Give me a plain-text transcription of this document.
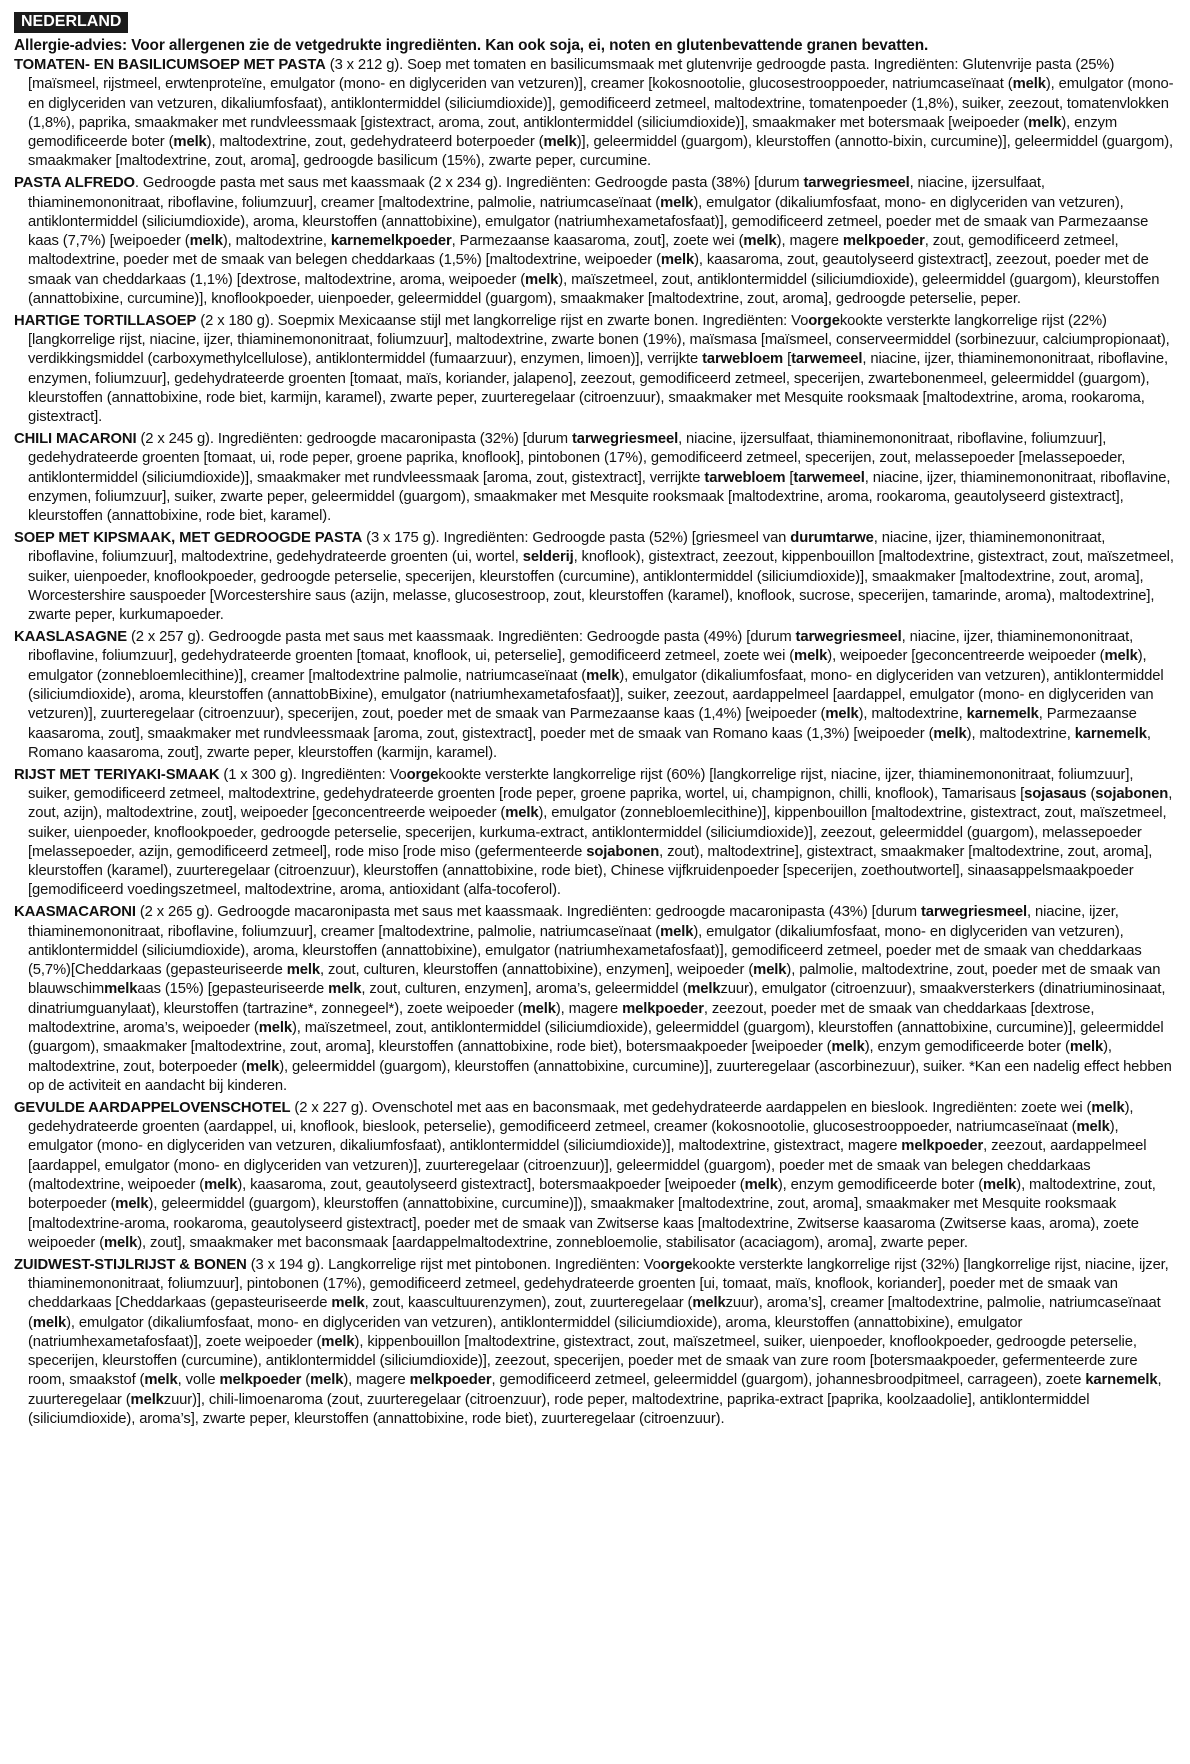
NEDERLAND
Allergie-advies: Voor allergenen zie de vetgedrukte ingrediënten. Kan ook soja, ei, noten en glutenbevattende granen bevatten.

TOMATEN- EN BASILICUMSOEP MET PASTA (3 x 212 g). Soep met tomaten en basilicumsmaak met glutenvrije gedroogde pasta. Ingrediënten: Glutenvrije pasta (25%) [maïsmeel, rijstmeel, erwtenproteïne, emulgator (mono- en diglyceriden van vetzuren)], creamer [kokosnootolie, glucosestrooppoeder, natriumcaseïnaat (melk), emulgator (mono- en diglyceriden van vetzuren, dikaliumfosfaat), antiklontermiddel (siliciumdioxide)], gemodificeerd zetmeel, maltodextrine, tomatenpoeder (1,8%), suiker, zeezout, tomatenvlokken (1,8%), paprika, smaakmaker met rundvleessmaak [gistextract, aroma, zout, antiklontermiddel (siliciumdioxide)], smaakmaker met botersmaak [weipoeder (melk), enzym gemodificeerde boter (melk), maltodextrine, zout, gedehydrateerd boterpoeder (melk)], geleermiddel (guargom), kleurstoffen (annotto-bixin, curcumine)], geleermiddel (guargom), smaakmaker [maltodextrine, zout, aroma], gedroogde basilicum (15%), zwarte peper, curcumine.

PASTA ALFREDO. Gedroogde pasta met saus met kaassmaak (2 x 234 g). Ingrediënten: Gedroogde pasta (38%) [durum tarwegriesmeel, niacine, ijzersulfaat, thiaminemononitraat, riboflavine, foliumzuur], creamer [maltodextrine, palmolie, natriumcaseïnaat (melk), emulgator (dikaliumfosfaat, mono- en diglyceriden van vetzuren), antiklontermiddel (siliciumdioxide), aroma, kleurstoffen (annattobixine), emulgator (natriumhexametafosfaat)], gemodificeerd zetmeel, poeder met de smaak van Parmezaanse kaas (7,7%) [weipoeder (melk), maltodextrine, karnemelkpoeder, Parmezaanse kaasaroma, zout], zoete wei (melk), magere melkpoeder, zout, gemodificeerd zetmeel, maltodextrine, poeder met de smaak van belegen cheddarkaas (1,5%) [maltodextrine, weipoeder (melk), kaasaroma, zout, geautolyseerd gistextract], zeezout, poeder met de smaak van cheddarkaas (1,1%) [dextrose, maltodextrine, aroma, weipoeder (melk), maïszetmeel, zout, antiklontermiddel (siliciumdioxide), geleermiddel (guargom), kleurstoffen (annattobixine, curcumine)], knoflookpoeder, uienpoeder, geleermiddel (guargom), smaakmaker [maltodextrine, zout, aroma], gedroogde peterselie, peper.

HARTIGE TORTILLASOEP (2 x 180 g). Soepmix Mexicaanse stijl met langkorrelige rijst en zwarte bonen. Ingrediënten: Voorgekookte versterkte langkorrelige rijst (22%) [langkorrelige rijst, niacine, ijzer, thiaminemononitraat, foliumzuur], maltodextrine, zwarte bonen (19%), maïsmasa [maïsmeel, conserveermiddel (sorbinezuur, calciumpropionaat), verdikkingsmiddel (carboxymethylcellulose), antiklontermiddel (fumaarzuur), enzymen, limoen)], verrijkte tarwebloem [tarwemeel, niacine, ijzer, thiaminemononitraat, riboflavine, enzymen, foliumzuur], gedehydrateerde groenten [tomaat, maïs, koriander, jalapeno], zeezout, gemodificeerd zetmeel, specerijen, zwartebonenmeel, geleermiddel (guargom), kleurstoffen (annattobixine, rode biet, karmijn, karamel), zwarte peper, zuurteregelaar (citroenzuur), smaakmaker met Mesquite rooksmaak [maltodextrine, aroma, rookaroma, gistextract].

CHILI MACARONI (2 x 245 g). Ingrediënten: gedroogde macaronipasta (32%) [durum tarwegriesmeel, niacine, ijzersulfaat, thiaminemononitraat, riboflavine, foliumzuur], gedehydrateerde groenten [tomaat, ui, rode peper, groene paprika, knoflook], pintobonen (17%), gemodificeerd zetmeel, specerijen, zout, melassepoeder [melassepoeder, antiklontermiddel (siliciumdioxide)], smaakmaker met rundvleessmaak [aroma, zout, gistextract], verrijkte tarwebloem [tarwemeel, niacine, ijzer, thiaminemononitraat, riboflavine, enzymen, foliumzuur], suiker, zwarte peper, geleermiddel (guargom), smaakmaker met Mesquite rooksmaak [maltodextrine, aroma, rookaroma, geautolyseerd gistextract], kleurstoffen (annattobixine, rode biet, karamel).

SOEP MET KIPSMAAK, MET GEDROOGDE PASTA (3 x 175 g). Ingrediënten: Gedroogde pasta (52%) [griesmeel van durumtarwe, niacine, ijzer, thiaminemononitraat, riboflavine, foliumzuur], maltodextrine, gedehydrateerde groenten (ui, wortel, selderij, knoflook), gistextract, zeezout, kippenbouillon [maltodextrine, gistextract, zout, maïszetmeel, suiker, uienpoeder, knoflookpoeder, gedroogde peterselie, specerijen, kleurstoffen (curcumine), antiklontermiddel (siliciumdioxide)], smaakmaker [maltodextrine, zout, aroma], Worcestershire sauspoeder [Worcestershire saus (azijn, melasse, glucosestroop, zout, kleurstoffen (karamel), knoflook, sucrose, specerijen, tamarinde, aroma), maltodextrine], zwarte peper, kurkumapoeder.

KAASLASAGNE (2 x 257 g). Gedroogde pasta met saus met kaassmaak. Ingrediënten: Gedroogde pasta (49%) [durum tarwegriesmeel, niacine, ijzer, thiaminemononitraat, riboflavine, foliumzuur], gedehydrateerde groenten [tomaat, knoflook, ui, peterselie], gemodificeerd zetmeel, zoete wei (melk), weipoeder [geconcentreerde weipoeder (melk), emulgator (zonnebloemlecithine)], creamer [maltodextrine palmolie, natriumcaseïnaat (melk), emulgator (dikaliumfosfaat, mono- en diglyceriden van vetzuren), antiklontermiddel (siliciumdioxide), aroma, kleurstoffen (annattobBixine), emulgator (natriumhexametafosfaat)], suiker, zeezout, aardappelmeel [aardappel, emulgator (mono- en diglyceriden van vetzuren)], zuurteregelaar (citroenzuur), specerijen, zout, poeder met de smaak van Parmezaanse kaas (1,4%) [weipoeder (melk), maltodextrine, karnemelk, Parmezaanse kaasaroma, zout], smaakmaker met rundvleessmaak [aroma, zout, gistextract], poeder met de smaak van Romano kaas (1,3%) [weipoeder (melk), maltodextrine, karnemelk, Romano kaasaroma, zout], zwarte peper, kleurstoffen (karmijn, karamel).

RIJST MET TERIYAKI-SMAAK (1 x 300 g). Ingrediënten: Voorgekookte versterkte langkorrelige rijst (60%) [langkorrelige rijst, niacine, ijzer, thiaminemononitraat, foliumzuur], suiker, gemodificeerd zetmeel, maltodextrine, gedehydrateerde groenten [rode peper, groene paprika, wortel, ui, champignon, chilli, knoflook), Tamarisaus [sojasaus (sojabonen, zout, azijn), maltodextrine, zout], weipoeder [geconcentreerde weipoeder (melk), emulgator (zonnebloemlecithine)], kippenbouillon [maltodextrine, gistextract, zout, maïszetmeel, suiker, uienpoeder, knoflookpoeder, gedroogde peterselie, specerijen, kurkuma-extract, antiklontermiddel (siliciumdioxide)], zeezout, geleermiddel (guargom), melassepoeder [melassepoeder, azijn, gemodificeerd zetmeel], rode miso [rode miso (gefermenteerde sojabonen, zout), maltodextrine], gistextract, smaakmaker [maltodextrine, zout, aroma], kleurstoffen (karamel), zuurteregelaar (citroenzuur), kleurstoffen (annattobixine, rode biet), Chinese vijfkruidenpoeder [specerijen, zoethoutwortel], sinaasappelsmaakpoeder [gemodificeerd voedingszetmeel, maltodextrine, aroma, antioxidant (alfa-tocoferol).

KAASMACARONI (2 x 265 g). Gedroogde macaronipasta met saus met kaassmaak. Ingrediënten: gedroogde macaronipasta (43%) [durum tarwegriesmeel, niacine, ijzer, thiaminemononitraat, riboflavine, foliumzuur], creamer [maltodextrine, palmolie, natriumcaseïnaat (melk), emulgator (dikaliumfosfaat, mono- en diglyceriden van vetzuren), antiklontermiddel (siliciumdioxide), aroma, kleurstoffen (annattobixine), emulgator (natriumhexametafosfaat)], gemodificeerd zetmeel, poeder met de smaak van cheddarkaas (5,7%)[Cheddarkaas (gepasteuriseerde melk, zout, culturen, kleurstoffen (annattobixine), enzymen], weipoeder (melk), palmolie, maltodextrine, zout, poeder met de smaak van blauwschimmelkaas (15%) [gepasteuriseerde melk, zout, culturen, enzymen], aroma’s, geleermiddel (melkzuur), emulgator (citroenzuur), smaakversterkers (dinatriuminosinaat, dinatriumguanylaat), kleurstoffen (tartrazine*, zonnegeel*), zoete weipoeder (melk), magere melkpoeder, zeezout, poeder met de smaak van cheddarkaas [dextrose, maltodextrine, aroma’s, weipoeder (melk), maïszetmeel, zout, antiklontermiddel (siliciumdioxide), geleermiddel (guargom), kleurstoffen (annattobixine, curcumine)], geleermiddel (guargom), smaakmaker [maltodextrine, zout, aroma], kleurstoffen (annattobixine, rode biet), botersmaakpoeder [weipoeder (melk), enzym gemodificeerde boter (melk), maltodextrine, zout, boterpoeder (melk), geleermiddel (guargom), kleurstoffen (annattobixine, curcumine)], zuurteregelaar (ascorbinezuur), suiker. *Kan een nadelig effect hebben op de activiteit en aandacht bij kinderen.

GEVULDE AARDAPPELOVENSCHOTEL (2 x 227 g). Ovenschotel met aas en baconsmaak, met gedehydrateerde aardappelen en bieslook. Ingrediënten: zoete wei (melk), gedehydrateerde groenten (aardappel, ui, knoflook, bieslook, peterselie), gemodificeerd zetmeel, creamer (kokosnootolie, glucosestrooppoeder, natriumcaseïnaat (melk), emulgator (mono- en diglyceriden van vetzuren, dikaliumfosfaat), antiklontermiddel (siliciumdioxide)], maltodextrine, gistextract, magere melkpoeder, zeezout, aardappelmeel [aardappel, emulgator (mono- en diglyceriden van vetzuren)], zuurteregelaar (citroenzuur)], geleermiddel (guargom), poeder met de smaak van belegen cheddarkaas (maltodextrine, weipoeder (melk), kaasaroma, zout, geautolyseerd gistextract], botersmaakpoeder [weipoeder (melk), enzym gemodificeerde boter (melk), maltodextrine, zout, boterpoeder (melk), geleermiddel (guargom), kleurstoffen (annattobixine, curcumine)]), smaakmaker [maltodextrine, zout, aroma], smaakmaker met Mesquite rooksmaak [maltodextrine-aroma, rookaroma, geautolyseerd gistextract], poeder met de smaak van Zwitserse kaas [maltodextrine, Zwitserse kaasaroma (Zwitserse kaas, aroma), zoete weipoeder (melk), zout], smaakmaker met baconsmaak [aardappelmaltodextrine, zonnebloemolie, stabilisator (acaciagom), aroma], zwarte peper.

ZUIDWEST-STIJLRIJST & BONEN (3 x 194 g). Langkorrelige rijst met pintobonen. Ingrediënten: Voorgekookte versterkte langkorrelige rijst (32%) [langkorrelige rijst, niacine, ijzer, thiaminemononitraat, foliumzuur], pintobonen (17%), gemodificeerd zetmeel, gedehydrateerde groenten [ui, tomaat, maïs, knoflook, koriander], poeder met de smaak van cheddarkaas [Cheddarkaas (gepasteuriseerde melk, zout, kaascultuurenzymen), zout, zuurteregelaar (melkzuur), aroma’s], creamer [maltodextrine, palmolie, natriumcaseïnaat (melk), emulgator (dikaliumfosfaat, mono- en diglyceriden van vetzuren), antiklontermiddel (siliciumdioxide), aroma, kleurstoffen (annattobixine), emulgator (natriumhexametafosfaat)], zoete weipoeder (melk), kippenbouillon [maltodextrine, gistextract, zout, maïszetmeel, suiker, uienpoeder, knoflookpoeder, gedroogde peterselie, specerijen, kleurstoffen (curcumine), antiklontermiddel (siliciumdioxide)], zeezout, specerijen, poeder met de smaak van zure room [botersmaakpoeder, gefermenteerde zure room, smaakstof (melk, volle melkpoeder (melk), magere melkpoeder, gemodificeerd zetmeel, geleermiddel (guargom), johannesbroodpitmeel, carrageen), zoete karnemelk, zuurteregelaar (melkzuur)], chili-limoenaroma (zout, zuurteregelaar (citroenzuur), rode peper, maltodextrine, paprika-extract [paprika, koolzaadolie], antiklontermiddel (siliciumdioxide), aroma’s], zwarte peper, kleurstoffen (annattobixine, rode biet), zuurteregelaar (citroenzuur).
